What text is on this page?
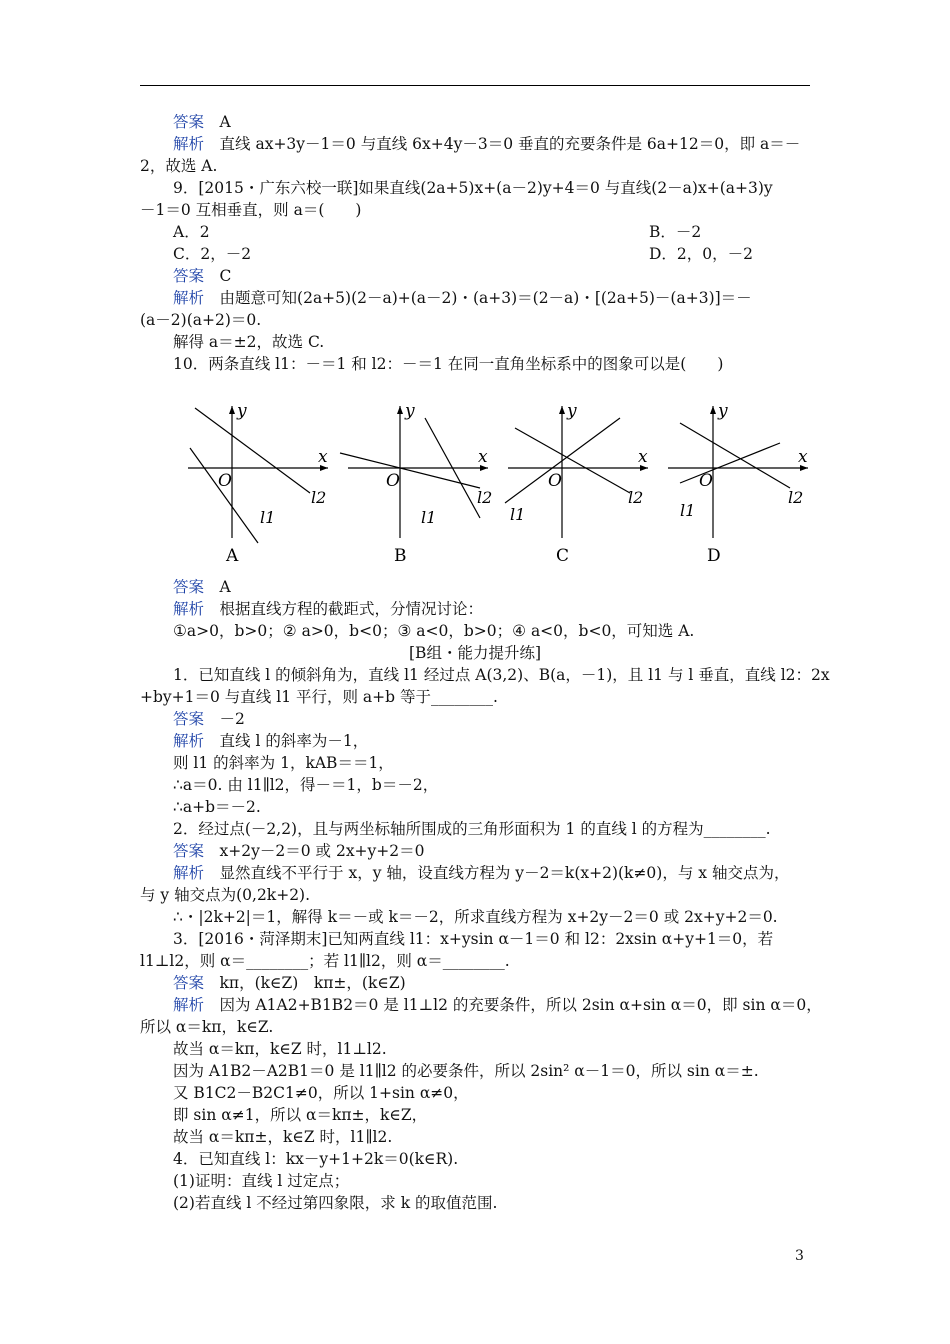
答案　 A
解析　 直线 ax+3y－1＝0 与直线 6x+4y－3＝0 垂直的充要条件是 6a+12＝0，即 a＝－
2，故选 A.
9．[2015・广东六校一联]如果直线(2a+5)x+(a－2)y+4＝0 与直线(2－a)x+(a+3)y
－1＝0 互相垂直，则 a＝(　　)
A．2	B．－2
C．2，－2	D．2，0，－2
答案　 C
解析　 由题意可知(2a+5)(2－a)+(a－2)・(a+3)＝(2－a)・[(2a+5)－(a+3)]＝－
(a－2)(a+2)＝0.
解得 a＝±2，故选 C.
10．两条直线 l1：－＝1 和 l2：－＝1 在同一直角坐标系中的图象可以是(　　)
答案　 A
解析　 根据直线方程的截距式，分情况讨论：
①a>0，b>0；② a>0，b<0；③ a<0，b>0；④ a<0，b<0，可知选 A.
[B组・能力提升练]
1．已知直线 l 的倾斜角为，直线 l1 经过点 A(3,2)、B(a，－1)，且 l1 与 l 垂直，直线 l2：2x
+by+1＝0 与直线 l1 平行，则 a+b 等于________.
答案　 －2
解析　 直线 l 的斜率为－1，
则 l1 的斜率为 1，kAB＝＝1，
∴a＝0. 由 l1∥l2，得－＝1，b＝－2，
∴a+b＝－2.
2．经过点(－2,2)，且与两坐标轴所围成的三角形面积为 1 的直线 l 的方程为________.
答案　 x+2y－2＝0 或 2x+y+2＝0
解析　 显然直线不平行于 x，y 轴，设直线方程为 y－2＝k(x+2)(k≠0)，与 x 轴交点为，
与 y 轴交点为(0,2k+2).
∴・|2k+2|＝1，解得 k＝－或 k＝－2，所求直线方程为 x+2y－2＝0 或 2x+y+2＝0.
3．[2016・菏泽期末]已知两直线 l1：x+ysin α－1＝0 和 l2：2xsin α+y+1＝0，若
l1⊥l2，则 α＝________；若 l1∥l2，则 α＝________.
答案　 kπ，(k∈Z)　kπ±，(k∈Z)
解析　 因为 A1A2+B1B2＝0 是 l1⊥l2 的充要条件，所以 2sin α+sin α＝0，即 sin α＝0，
所以 α＝kπ，k∈Z.
故当 α＝kπ，k∈Z 时，l1⊥l2.
因为 A1B2－A2B1＝0 是 l1∥l2 的必要条件，所以 2sin² α－1＝0，所以 sin α＝±.
又 B1C2－B2C1≠0，所以 1+sin α≠0，
即 sin α≠1，所以 α＝kπ±，k∈Z，
故当 α＝kπ±，k∈Z 时，l1∥l2.
4．已知直线 l：kx－y+1+2k＝0(k∈R).
(1)证明：直线 l 过定点；
(2)若直线 l 不经过第四象限，求 k 的取值范围.
y
x
O
l1
l2
A
y
x
O
l1
l2
B
y
x
O
l1
l2
C
y
x
O
l1
l2
D
3
